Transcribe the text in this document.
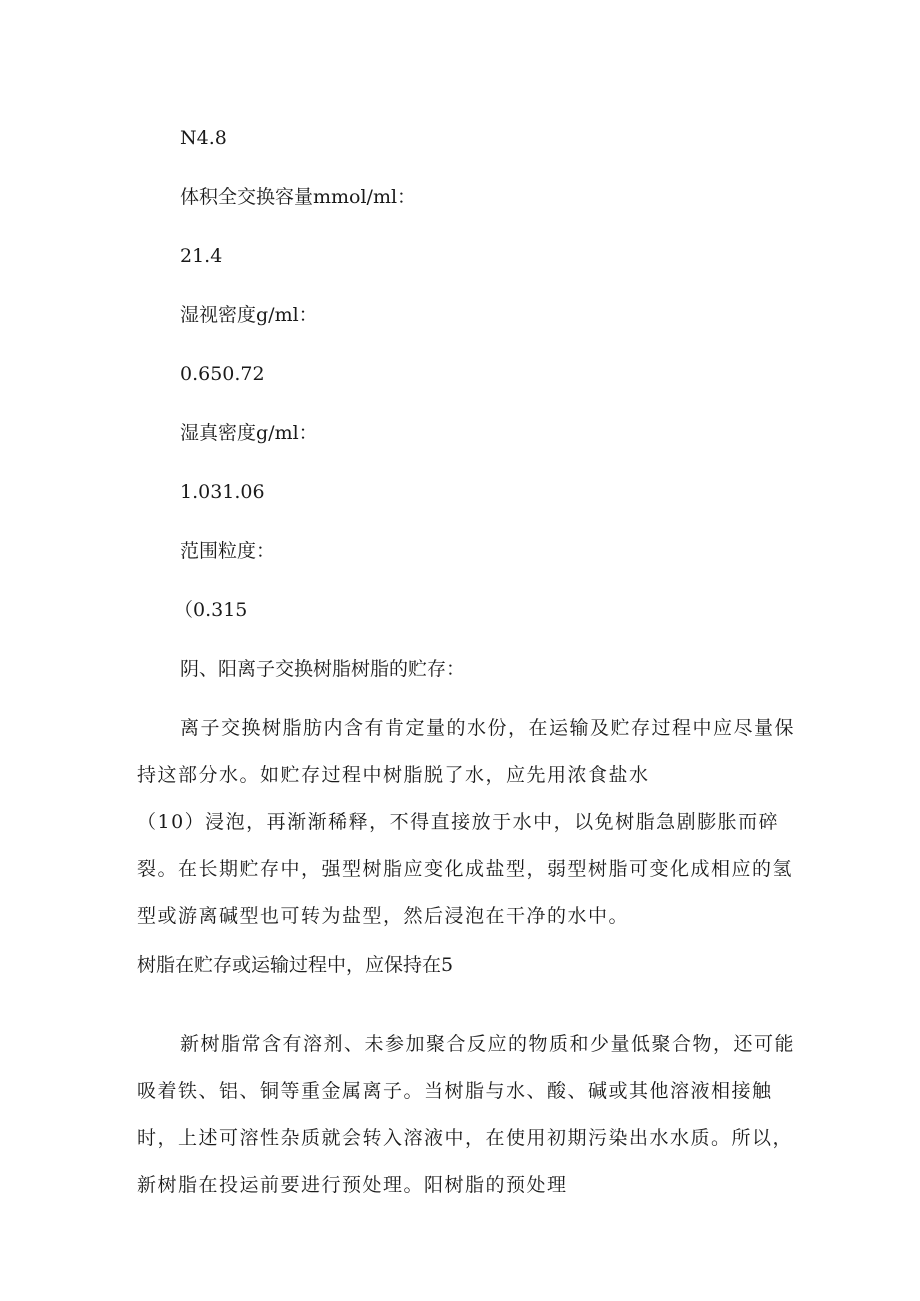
N4.8

体积全交换容量mmol/ml：

21.4

湿视密度g/ml：

0.650.72

湿真密度g/ml：

1.031.06

范围粒度：

（0.315

阴、阳离子交换树脂树脂的贮存：

离子交换树脂肪内含有肯定量的水份，在运输及贮存过程中应尽量保

持这部分水。如贮存过程中树脂脱了水，应先用浓食盐水

（10）浸泡，再渐渐稀释，不得直接放于水中，以免树脂急剧膨胀而碎

裂。在长期贮存中，强型树脂应变化成盐型，弱型树脂可变化成相应的氢

型或游离碱型也可转为盐型，然后浸泡在干净的水中。

树脂在贮存或运输过程中，应保持在5

新树脂常含有溶剂、未参加聚合反应的物质和少量低聚合物，还可能

吸着铁、铝、铜等重金属离子。当树脂与水、酸、碱或其他溶液相接触

时，上述可溶性杂质就会转入溶液中，在使用初期污染出水水质。所以，

新树脂在投运前要进行预处理。阳树脂的预处理
